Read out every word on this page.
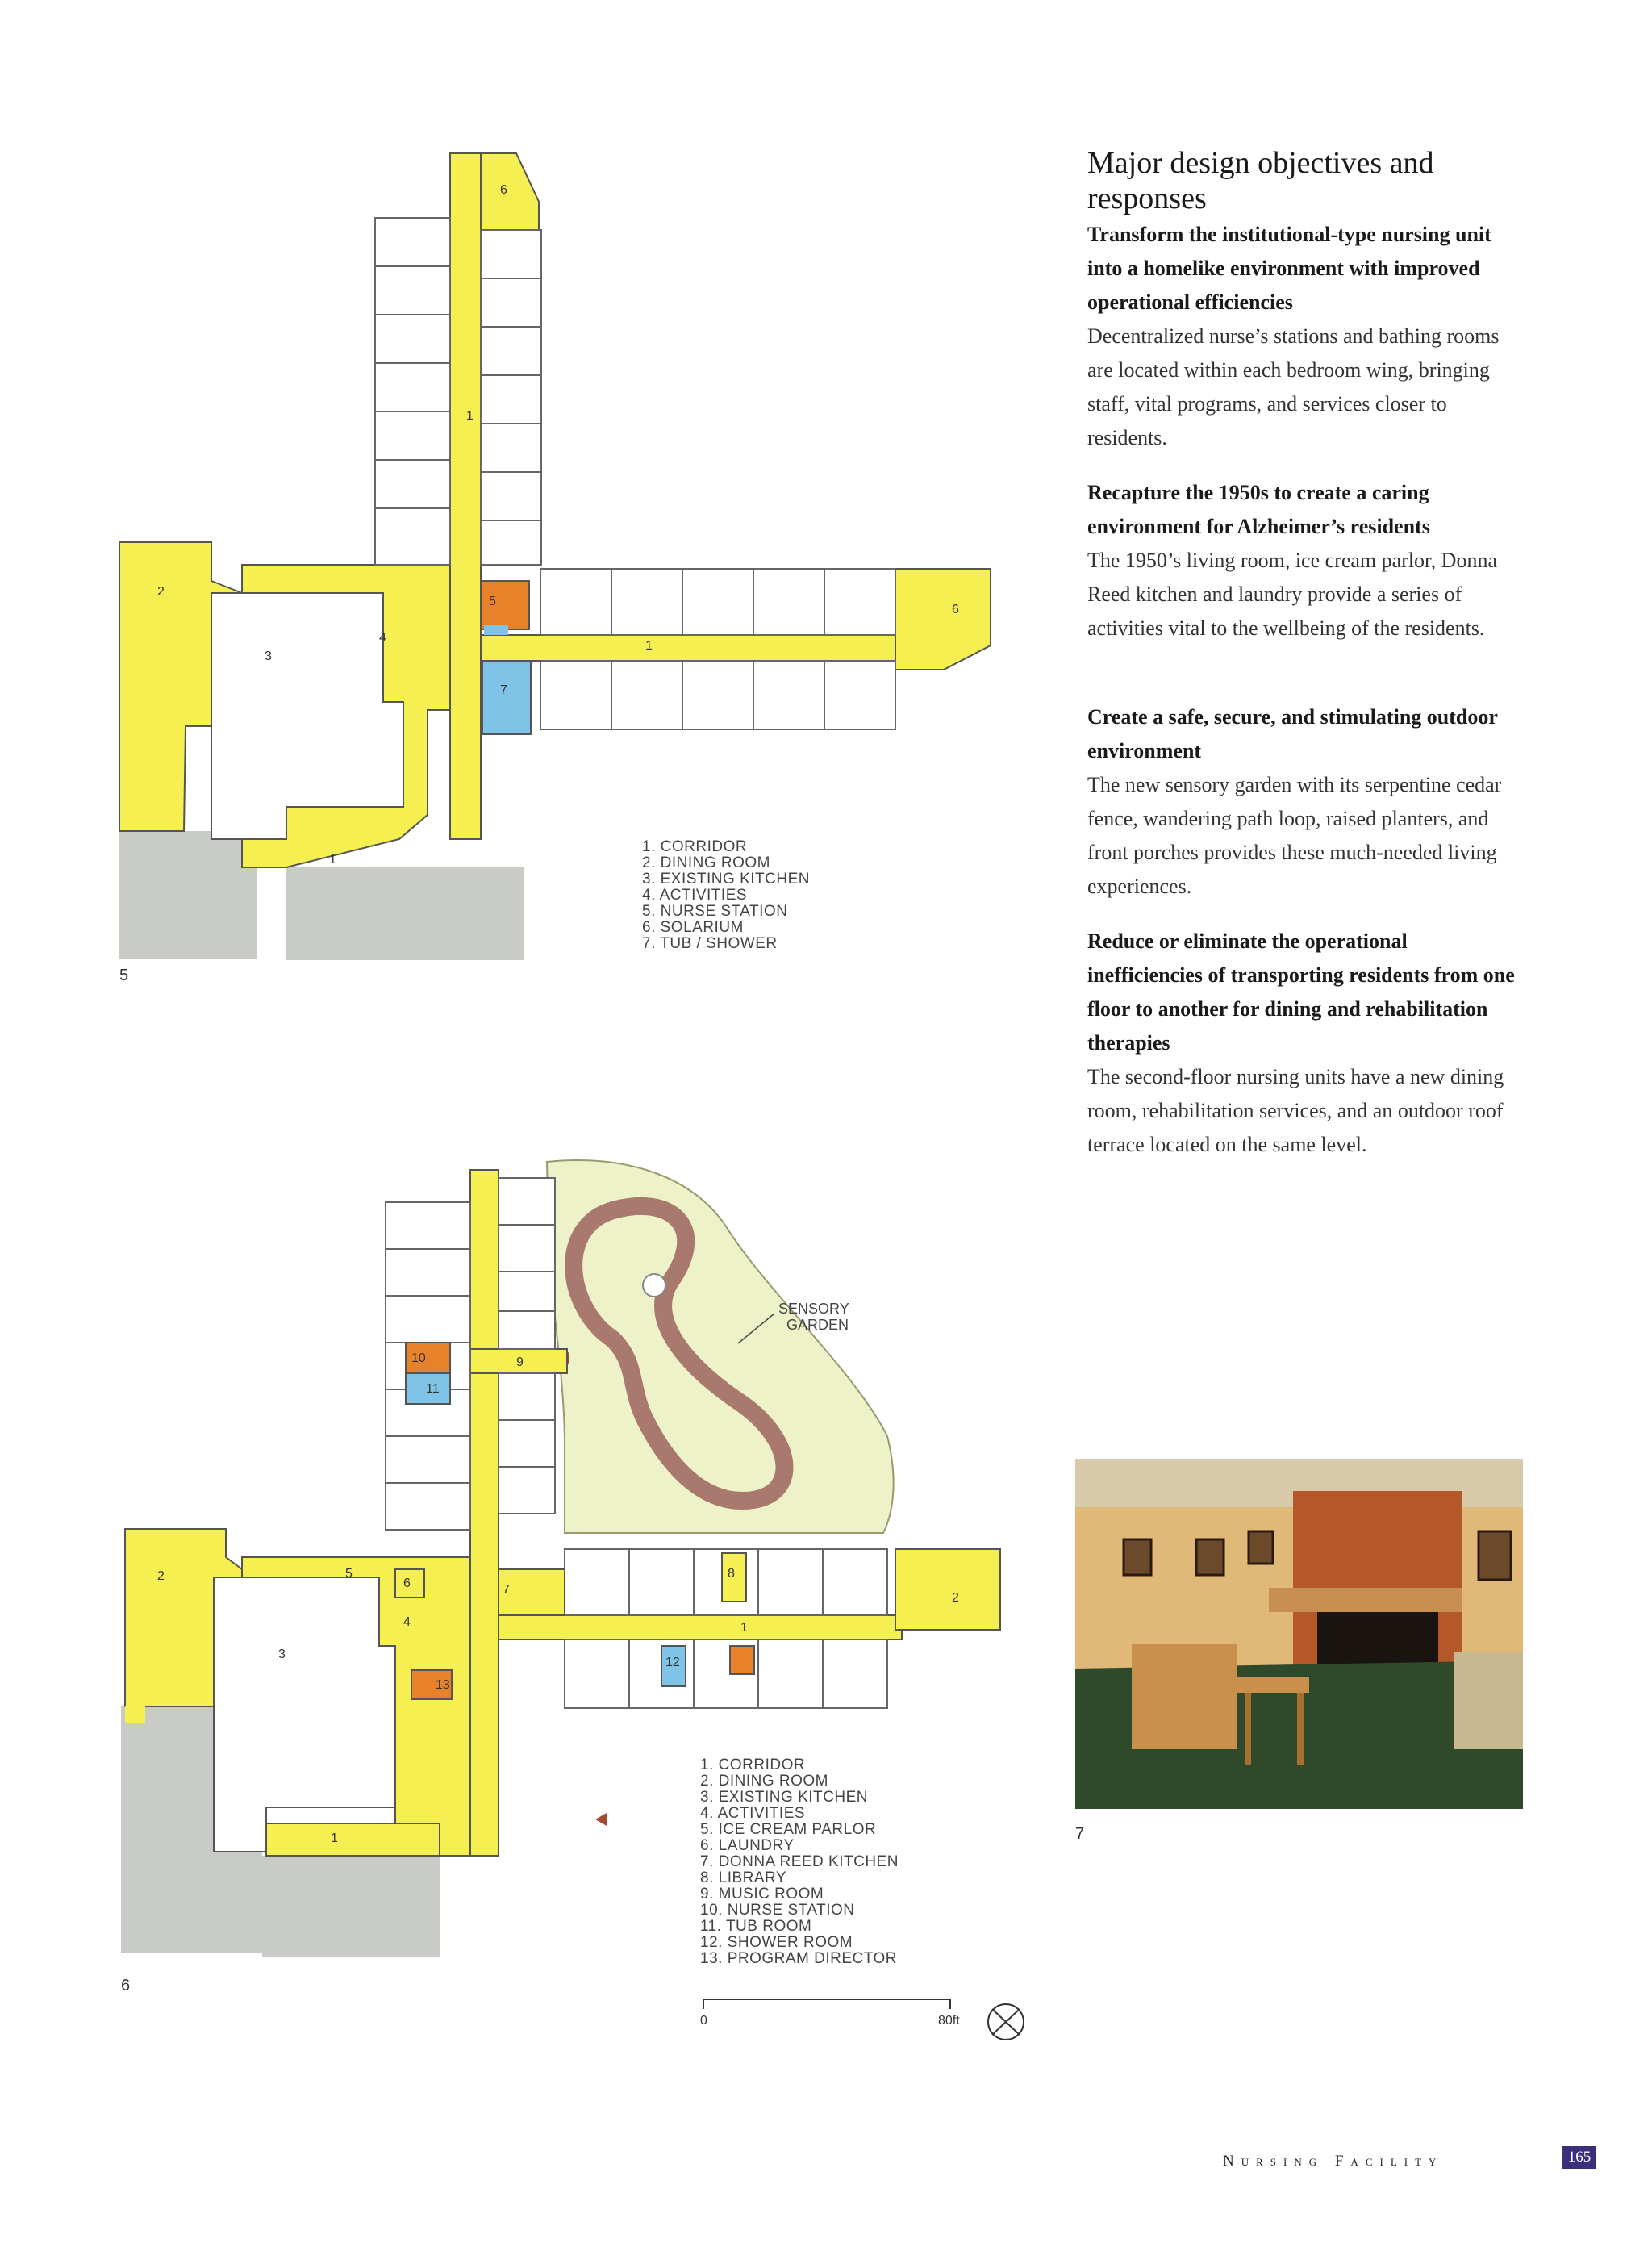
2
3
4
1
1
1
5
6
6
7
1. CORRIDOR
2. DINING ROOM
3. EXISTING KITCHEN
4. ACTIVITIES
5. NURSE STATION
6. SOLARIUM
7. TUB / SHOWER
5
2
2
3
4
5
6	7
8
9
10
11
12
13
1
1
SENSORY
GARDEN
1. CORRIDOR
2. DINING ROOM
3. EXISTING KITCHEN
4. ACTIVITIES
5. ICE CREAM PARLOR
6. LAUNDRY
7. DONNA REED KITCHEN
8. LIBRARY
9. MUSIC ROOM
10. NURSE STATION
11. TUB ROOM
12. SHOWER ROOM
13. PROGRAM DIRECTOR
6
0	80ft
Major design objectives and responses
Transform the institutional-type nursing unit into a homelike environment with improved operational efficiencies
Decentralized nurse’s stations and bathing rooms are located within each bedroom wing, bringing staff, vital programs, and services closer to residents.
Recapture the 1950s to create a caring environment for Alzheimer’s residents
The 1950’s living room, ice cream parlor, Donna Reed kitchen and laundry provide a series of activities vital to the wellbeing of the residents.
Create a safe, secure, and stimulating outdoor environment
The new sensory garden with its serpentine cedar fence, wandering path loop, raised planters, and front porches provides these much-needed living experiences.
Reduce or eliminate the operational inefficiencies of transporting residents from one floor to another for dining and rehabilitation therapies
The second-floor nursing units have a new dining room, rehabilitation services, and an outdoor roof terrace located on the same level.
7
Nursing Facility	165
